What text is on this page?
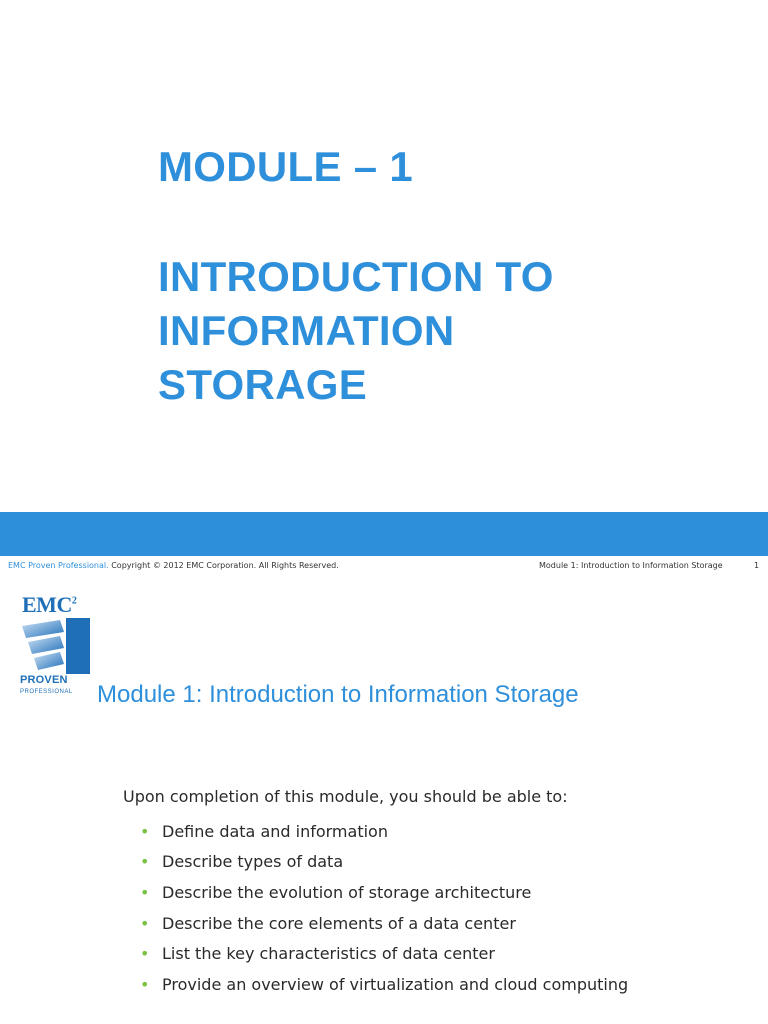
MODULE – 1
INTRODUCTION TO
INFORMATION
STORAGE
EMC Proven Professional. Copyright © 2012 EMC Corporation. All Rights Reserved.	Module 1: Introduction to Information Storage	1
EMC$^2$
PROVEN
PROFESSIONAL	Module 1: Introduction to Information Storage
Upon completion of this module, you should be able to:
• Define data and information
• Describe types of data
• Describe the evolution of storage architecture
• Describe the core elements of a data center
• List the key characteristics of data center
• Provide an overview of virtualization and cloud computing
